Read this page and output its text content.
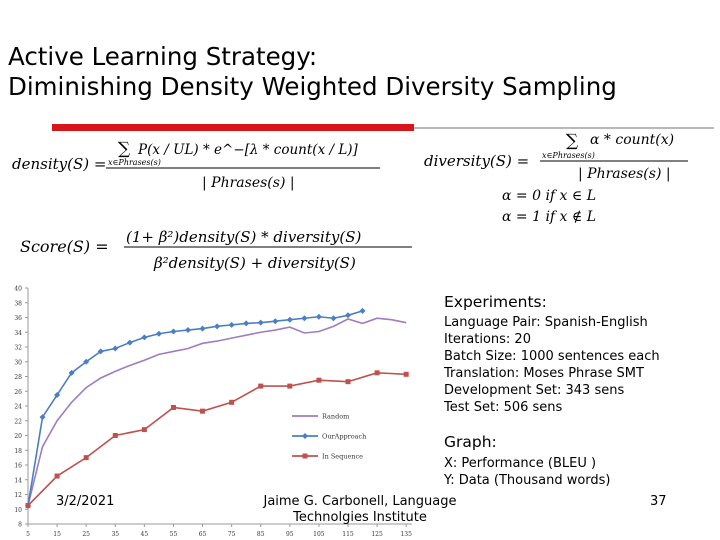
Active Learning Strategy:
Diminishing Density Weighted Diversity Sampling
density(S) =
∑
x∈Phrases(s)
P(x / UL) * e^−[λ * count(x / L)]
| Phrases(s) |
diversity(S) =
∑
x∈Phrases(s)
α * count(x)
| Phrases(s) |
α = 0 if x ∈ L
α = 1 if x ∉ L
Score(S) = (1+ β²)density(S) * diversity(S)
β²density(S) + diversity(S)
8
10
12
14
16
18
20
22
24
26
28
30
32
34
36
38
40
5	15	25	35	45	55	65	75	85	95	105	115	125	135
Random
OurApproach
In Sequence
Experiments:
Language Pair: Spanish-English
Iterations: 20
Batch Size: 1000 sentences each
Translation: Moses Phrase SMT
Development Set: 343 sens
Test Set: 506 sens
Graph:
X: Performance (BLEU )
Y: Data (Thousand words)
3/2/2021	Jaime G. Carbonell, Language
Technolgies Institute
37
